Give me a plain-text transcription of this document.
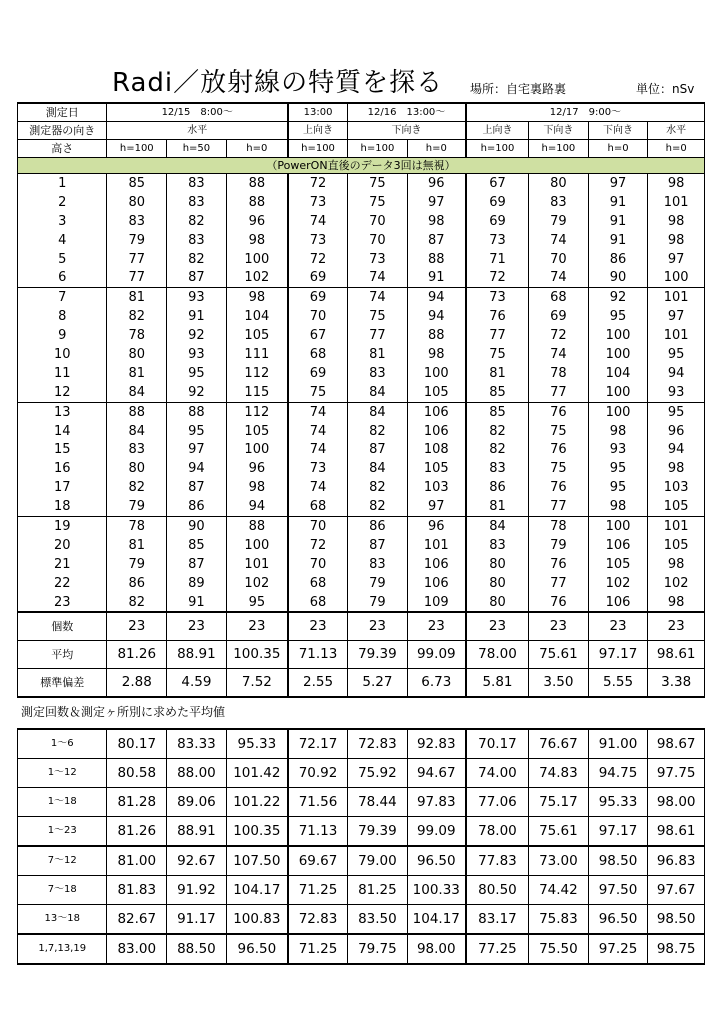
Radi／放射線の特質を探る 場所：自宅裏路裏	単位：nSv
測定日	12/15　8:00～			13:00	12/16　13:00～		12/17　9:00～			
測定器の向き	水平			上向き	下向き		上向き	下向き	下向き	水平
高さ	h=100	h=50	h=0	h=100	h=100	h=0	h=100	h=100	h=0	h=0
（PowerON直後のデータ3回は無視）										
1	85	83	88	72	75	96	67	80	97	98
2	80	83	88	73	75	97	69	83	91	101
3	83	82	96	74	70	98	69	79	91	98
4	79	83	98	73	70	87	73	74	91	98
5	77	82	100	72	73	88	71	70	86	97
6	77	87	102	69	74	91	72	74	90	100
7	81	93	98	69	74	94	73	68	92	101
8	82	91	104	70	75	94	76	69	95	97
9	78	92	105	67	77	88	77	72	100	101
10	80	93	111	68	81	98	75	74	100	95
11	81	95	112	69	83	100	81	78	104	94
12	84	92	115	75	84	105	85	77	100	93
13	88	88	112	74	84	106	85	76	100	95
14	84	95	105	74	82	106	82	75	98	96
15	83	97	100	74	87	108	82	76	93	94
16	80	94	96	73	84	105	83	75	95	98
17	82	87	98	74	82	103	86	76	95	103
18	79	86	94	68	82	97	81	77	98	105
19	78	90	88	70	86	96	84	78	100	101
20	81	85	100	72	87	101	83	79	106	105
21	79	87	101	70	83	106	80	76	105	98
22	86	89	102	68	79	106	80	77	102	102
23	82	91	95	68	79	109	80	76	106	98
個数	23	23	23	23	23	23	23	23	23	23
平均	81.26	88.91	100.35	71.13	79.39	99.09	78.00	75.61	97.17	98.61
標準偏差	2.88	4.59	7.52	2.55	5.27	6.73	5.81	3.50	5.55	3.38
測定回数＆測定ヶ所別に求めた平均値
1～6	80.17	83.33	95.33	72.17	72.83	92.83	70.17	76.67	91.00	98.67
1～12	80.58	88.00	101.42	70.92	75.92	94.67	74.00	74.83	94.75	97.75
1～18	81.28	89.06	101.22	71.56	78.44	97.83	77.06	75.17	95.33	98.00
1～23	81.26	88.91	100.35	71.13	79.39	99.09	78.00	75.61	97.17	98.61
7～12	81.00	92.67	107.50	69.67	79.00	96.50	77.83	73.00	98.50	96.83
7～18	81.83	91.92	104.17	71.25	81.25	100.33	80.50	74.42	97.50	97.67
13～18	82.67	91.17	100.83	72.83	83.50	104.17	83.17	75.83	96.50	98.50
1,7,13,19	83.00	88.50	96.50	71.25	79.75	98.00	77.25	75.50	97.25	98.75
